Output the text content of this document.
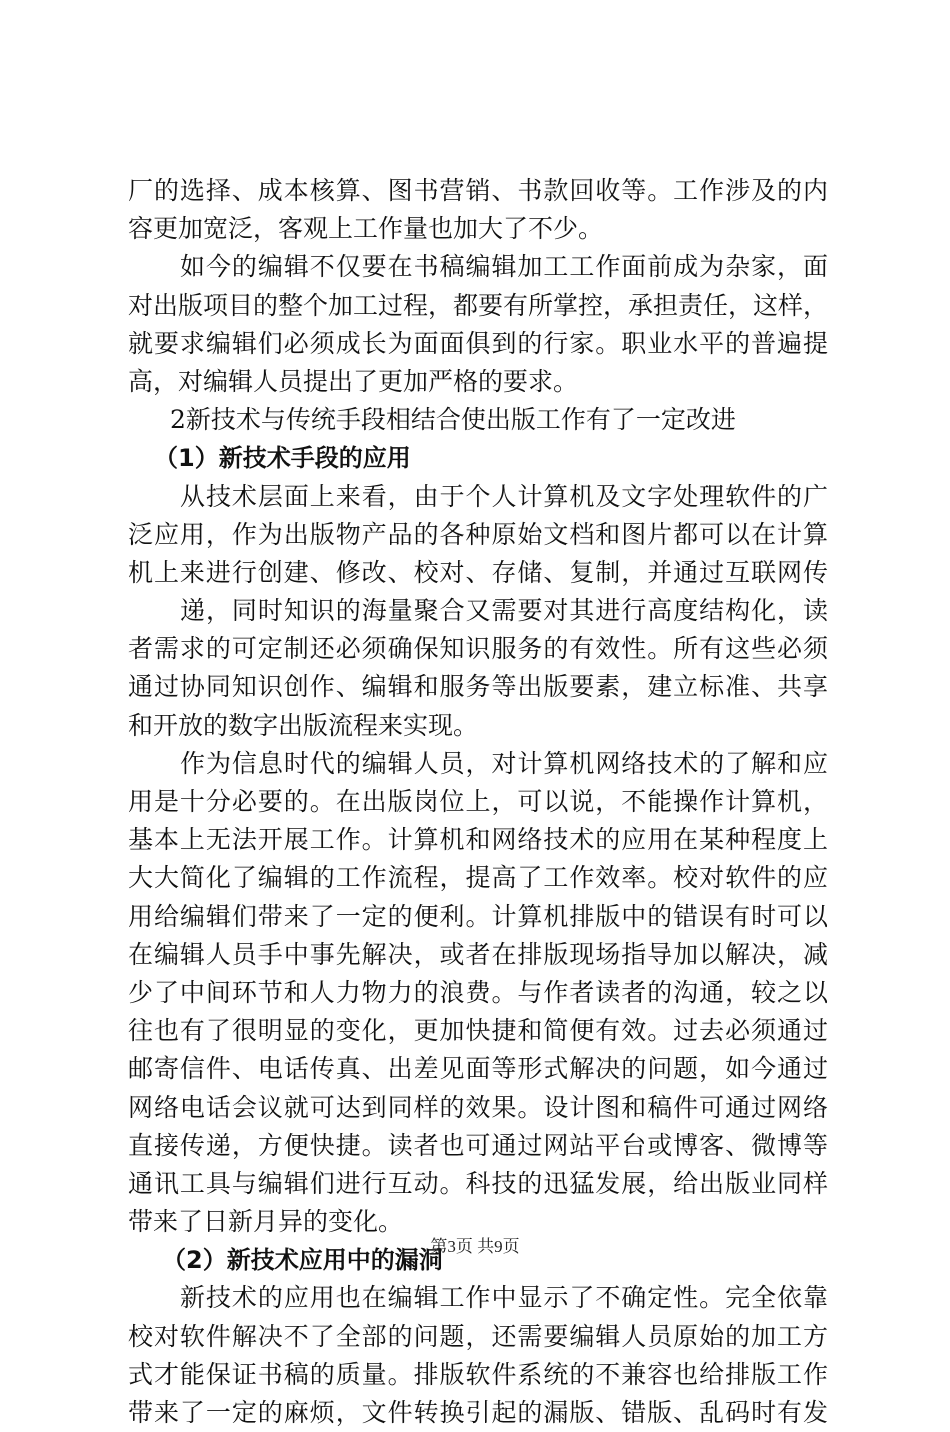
厂的选择、成本核算、图书营销、书款回收等。工作涉及的内
容更加宽泛，客观上工作量也加大了不少。
如今的编辑不仅要在书稿编辑加工工作面前成为杂家，面
对出版项目的整个加工过程，都要有所掌控，承担责任，这样，
就要求编辑们必须成长为面面俱到的行家。职业水平的普遍提
高，对编辑人员提出了更加严格的要求。
2新技术与传统手段相结合使出版工作有了一定改进
（1）新技术手段的应用
从技术层面上来看，由于个人计算机及文字处理软件的广
泛应用，作为出版物产品的各种原始文档和图片都可以在计算
机上来进行创建、修改、校对、存储、复制，并通过互联网传
递，同时知识的海量聚合又需要对其进行高度结构化，读
者需求的可定制还必须确保知识服务的有效性。所有这些必须
通过协同知识创作、编辑和服务等出版要素，建立标准、共享
和开放的数字出版流程来实现。
作为信息时代的编辑人员，对计算机网络技术的了解和应
用是十分必要的。在出版岗位上，可以说，不能操作计算机，
基本上无法开展工作。计算机和网络技术的应用在某种程度上
大大简化了编辑的工作流程，提高了工作效率。校对软件的应
用给编辑们带来了一定的便利。计算机排版中的错误有时可以
在编辑人员手中事先解决，或者在排版现场指导加以解决，减
少了中间环节和人力物力的浪费。与作者读者的沟通，较之以
往也有了很明显的变化，更加快捷和简便有效。过去必须通过
邮寄信件、电话传真、出差见面等形式解决的问题，如今通过
网络电话会议就可达到同样的效果。设计图和稿件可通过网络
直接传递，方便快捷。读者也可通过网站平台或博客、微博等
通讯工具与编辑们进行互动。科技的迅猛发展，给出版业同样
带来了日新月异的变化。
（2）新技术应用中的漏洞
新技术的应用也在编辑工作中显示了不确定性。完全依靠
校对软件解决不了全部的问题，还需要编辑人员原始的加工方
式才能保证书稿的质量。排版软件系统的不兼容也给排版工作
带来了一定的麻烦，文件转换引起的漏版、错版、乱码时有发
第3页 共9页
